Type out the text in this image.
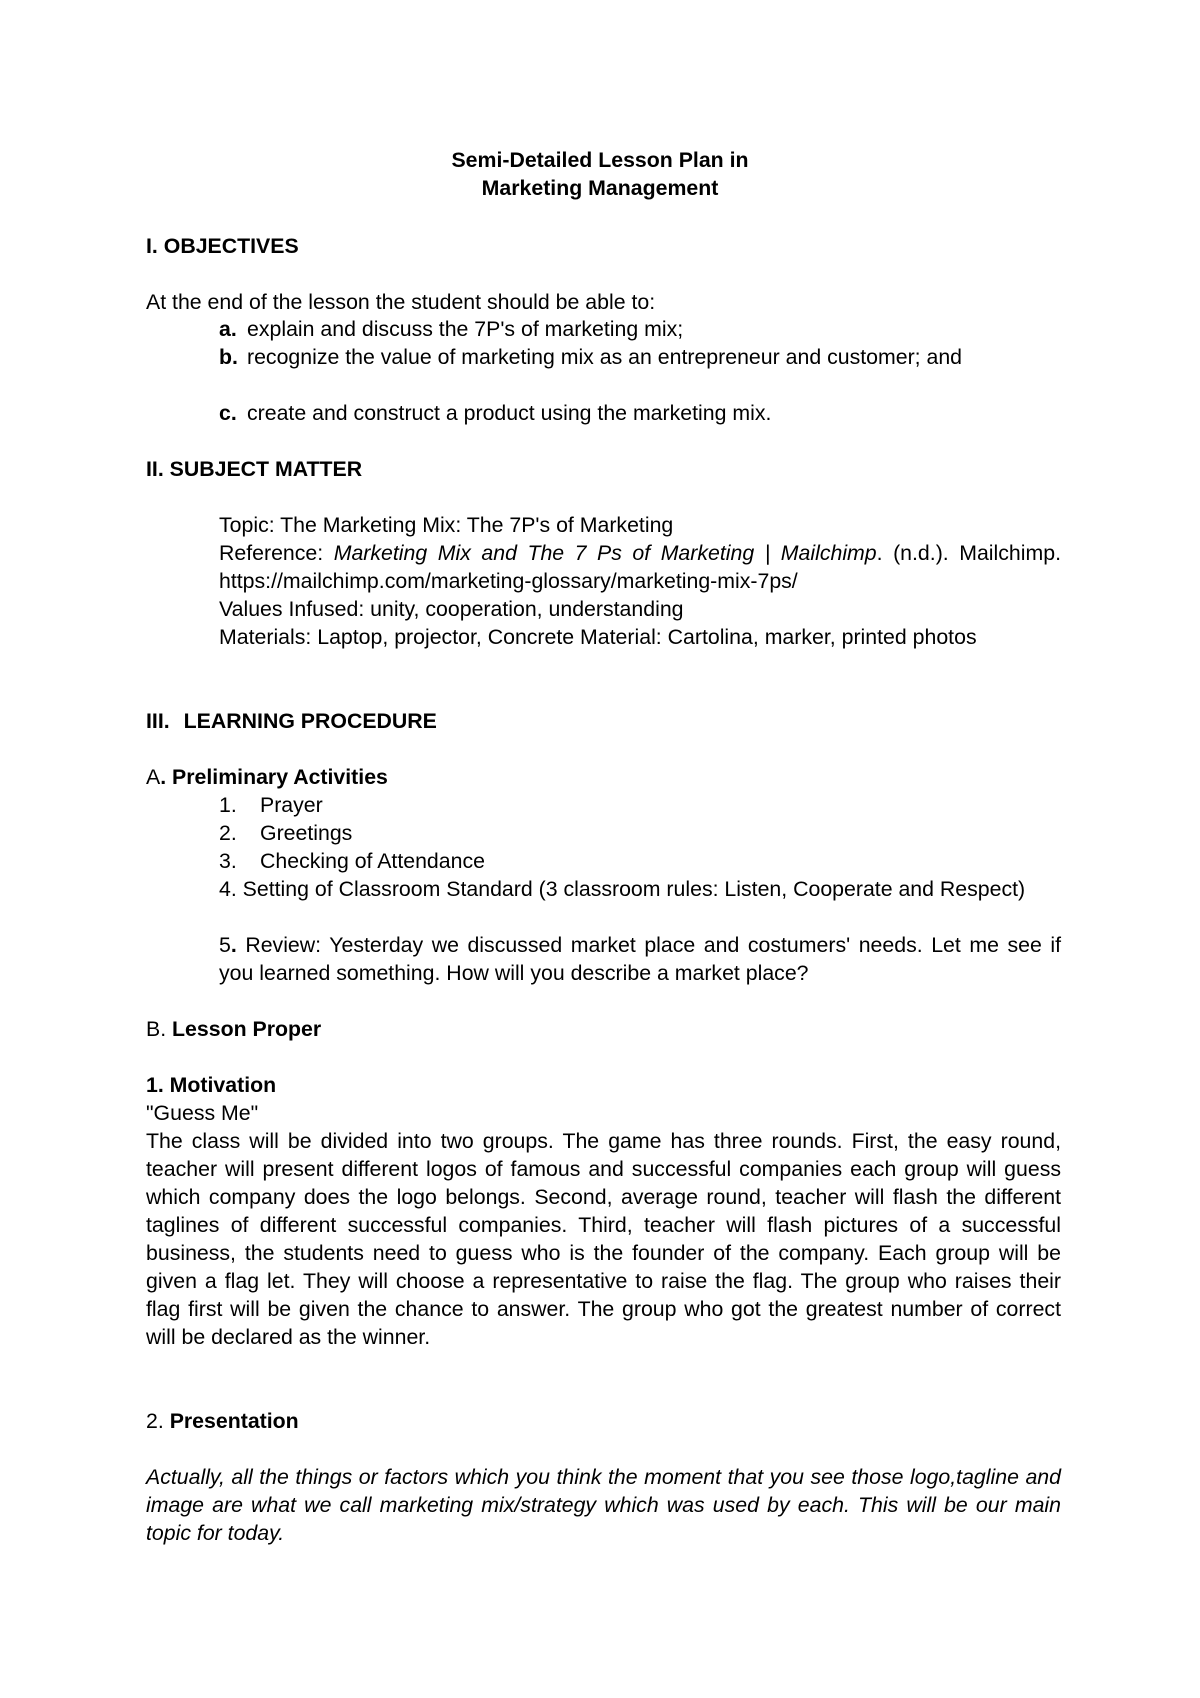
Semi-Detailed Lesson Plan in
Marketing Management
I. OBJECTIVES
At the end of the lesson the student should be able to:
a. explain and discuss the 7P's of marketing mix;
b. recognize the value of marketing mix as an entrepreneur and customer; and
c. create and construct a product using the marketing mix.
II. SUBJECT MATTER
Topic: The Marketing Mix: The 7P's of Marketing
Reference: Marketing Mix and The 7 Ps of Marketing | Mailchimp. (n.d.). Mailchimp. https://mailchimp.com/marketing-glossary/marketing-mix-7ps/
Values Infused: unity, cooperation, understanding
Materials: Laptop, projector, Concrete Material: Cartolina, marker, printed photos
III. LEARNING PROCEDURE
A. Preliminary Activities
1. Prayer
2. Greetings
3. Checking of Attendance
4. Setting of Classroom Standard (3 classroom rules: Listen, Cooperate and Respect)
5. Review: Yesterday we discussed market place and costumers' needs. Let me see if you learned something. How will you describe a market place?
B. Lesson Proper
1. Motivation
"Guess Me"
The class will be divided into two groups. The game has three rounds. First, the easy round, teacher will present different logos of famous and successful companies each group will guess which company does the logo belongs. Second, average round, teacher will flash the different taglines of different successful companies. Third, teacher will flash pictures of a successful business, the students need to guess who is the founder of the company. Each group will be given a flag let. They will choose a representative to raise the flag. The group who raises their flag first will be given the chance to answer. The group who got the greatest number of correct will be declared as the winner.
2. Presentation
Actually, all the things or factors which you think the moment that you see those logo,tagline and image are what we call marketing mix/strategy which was used by each. This will be our main topic for today.
